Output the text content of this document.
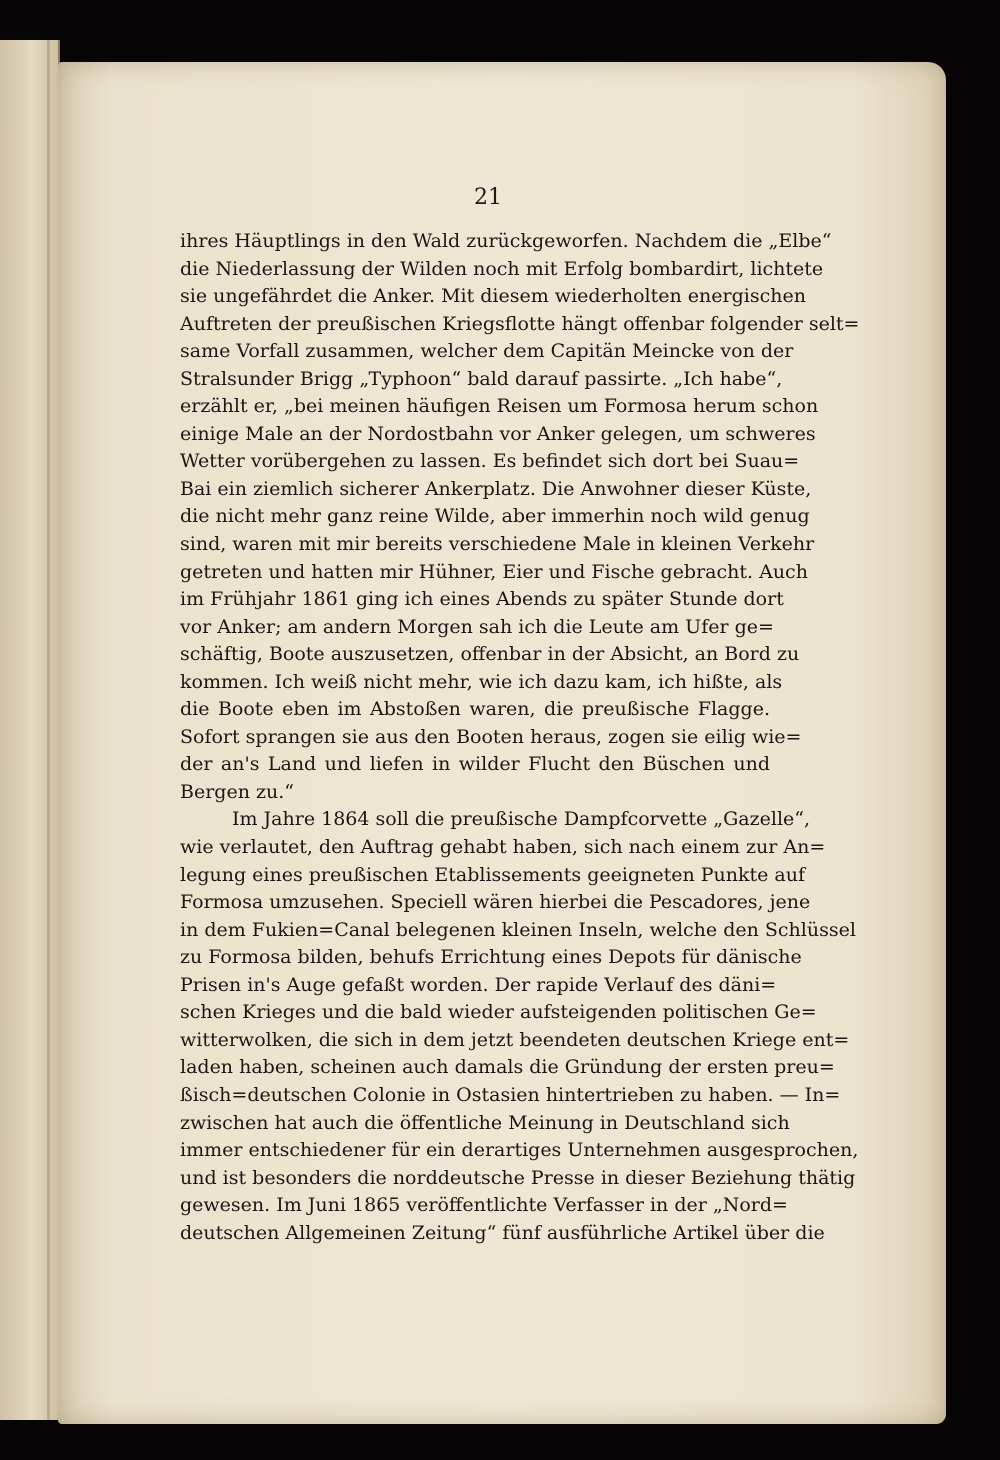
21
ihres Häuptlings in den Wald zurückgeworfen. Nachdem die „Elbe“
die Niederlassung der Wilden noch mit Erfolg bombardirt, lichtete
sie ungefährdet die Anker. Mit diesem wiederholten energischen
Auftreten der preußischen Kriegsflotte hängt offenbar folgender selt=
same Vorfall zusammen, welcher dem Capitän Meincke von der
Stralsunder Brigg „Typhoon“ bald darauf passirte. „Ich habe“,
erzählt er, „bei meinen häufigen Reisen um Formosa herum schon
einige Male an der Nordostbahn vor Anker gelegen, um schweres
Wetter vorübergehen zu lassen. Es befindet sich dort bei Suau=
Bai ein ziemlich sicherer Ankerplatz. Die Anwohner dieser Küste,
die nicht mehr ganz reine Wilde, aber immerhin noch wild genug
sind, waren mit mir bereits verschiedene Male in kleinen Verkehr
getreten und hatten mir Hühner, Eier und Fische gebracht. Auch
im Frühjahr 1861 ging ich eines Abends zu später Stunde dort
vor Anker; am andern Morgen sah ich die Leute am Ufer ge=
schäftig, Boote auszusetzen, offenbar in der Absicht, an Bord zu
kommen. Ich weiß nicht mehr, wie ich dazu kam, ich hißte, als
die Boote eben im Abstoßen waren, die preußische Flagge.
Sofort sprangen sie aus den Booten heraus, zogen sie eilig wie=
der an's Land und liefen in wilder Flucht den Büschen und
Bergen zu.“
Im Jahre 1864 soll die preußische Dampfcorvette „Gazelle“,
wie verlautet, den Auftrag gehabt haben, sich nach einem zur An=
legung eines preußischen Etablissements geeigneten Punkte auf
Formosa umzusehen. Speciell wären hierbei die Pescadores, jene
in dem Fukien=Canal belegenen kleinen Inseln, welche den Schlüssel
zu Formosa bilden, behufs Errichtung eines Depots für dänische
Prisen in's Auge gefaßt worden. Der rapide Verlauf des däni=
schen Krieges und die bald wieder aufsteigenden politischen Ge=
witterwolken, die sich in dem jetzt beendeten deutschen Kriege ent=
laden haben, scheinen auch damals die Gründung der ersten preu=
ßisch=deutschen Colonie in Ostasien hintertrieben zu haben. — In=
zwischen hat auch die öffentliche Meinung in Deutschland sich
immer entschiedener für ein derartiges Unternehmen ausgesprochen,
und ist besonders die norddeutsche Presse in dieser Beziehung thätig
gewesen. Im Juni 1865 veröffentlichte Verfasser in der „Nord=
deutschen Allgemeinen Zeitung“ fünf ausführliche Artikel über die
